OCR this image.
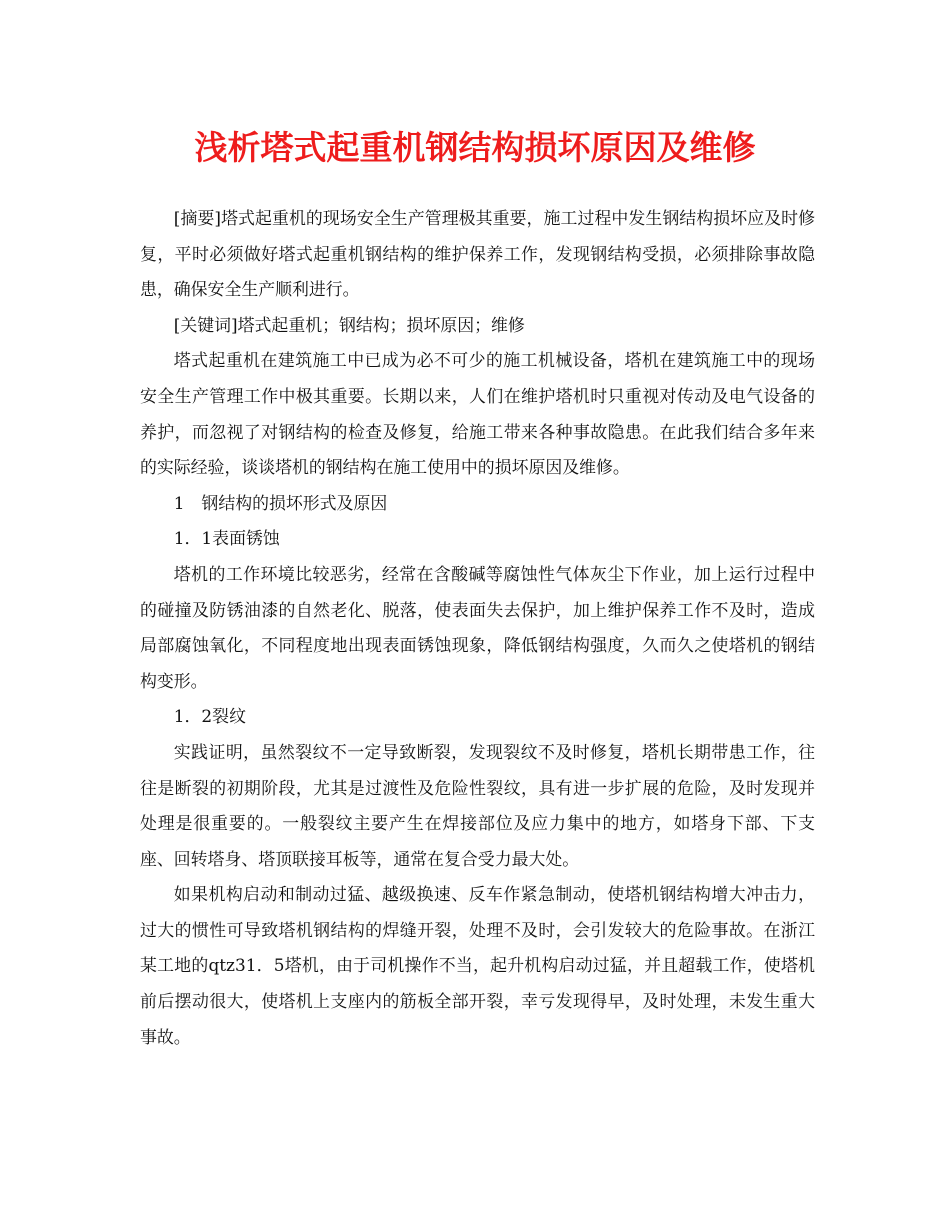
浅析塔式起重机钢结构损坏原因及维修

[摘要]塔式起重机的现场安全生产管理极其重要，施工过程中发生钢结构损坏应及时修复，平时必须做好塔式起重机钢结构的维护保养工作，发现钢结构受损，必须排除事故隐患，确保安全生产顺利进行。

[关键词]塔式起重机；钢结构；损坏原因；维修

塔式起重机在建筑施工中已成为必不可少的施工机械设备，塔机在建筑施工中的现场安全生产管理工作中极其重要。长期以来，人们在维护塔机时只重视对传动及电气设备的养护，而忽视了对钢结构的检查及修复，给施工带来各种事故隐患。在此我们结合多年来的实际经验，谈谈塔机的钢结构在施工使用中的损坏原因及维修。

1　钢结构的损坏形式及原因

1．1表面锈蚀

塔机的工作环境比较恶劣，经常在含酸碱等腐蚀性气体灰尘下作业，加上运行过程中的碰撞及防锈油漆的自然老化、脱落，使表面失去保护，加上维护保养工作不及时，造成局部腐蚀氧化，不同程度地出现表面锈蚀现象，降低钢结构强度，久而久之使塔机的钢结构变形。

1．2裂纹

实践证明，虽然裂纹不一定导致断裂，发现裂纹不及时修复，塔机长期带患工作，往往是断裂的初期阶段，尤其是过渡性及危险性裂纹，具有进一步扩展的危险，及时发现并处理是很重要的。一般裂纹主要产生在焊接部位及应力集中的地方，如塔身下部、下支座、回转塔身、塔顶联接耳板等，通常在复合受力最大处。

如果机构启动和制动过猛、越级换速、反车作紧急制动，使塔机钢结构增大冲击力，过大的惯性可导致塔机钢结构的焊缝开裂，处理不及时，会引发较大的危险事故。在浙江某工地的qtz31．5塔机，由于司机操作不当，起升机构启动过猛，并且超载工作，使塔机前后摆动很大，使塔机上支座内的筋板全部开裂，幸亏发现得早，及时处理，未发生重大事故。
